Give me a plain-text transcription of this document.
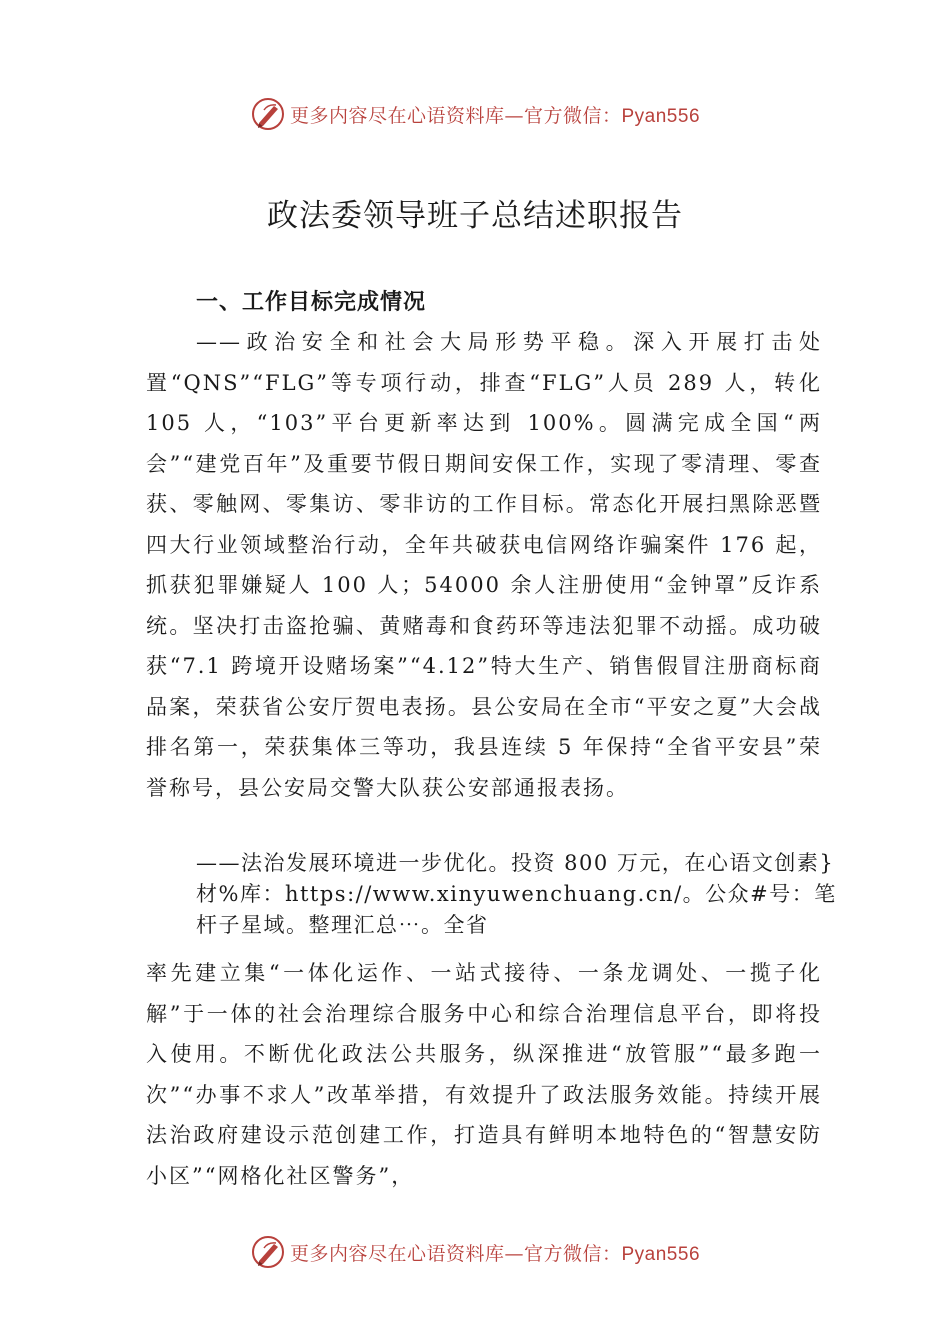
更多内容尽在心语资料库—官方微信：Pyan556
政法委领导班子总结述职报告
一、工作目标完成情况

——政治安全和社会大局形势平稳。深入开展打击处置“QNS”“FLG”等专项行动，排查“FLG”人员 289 人，转化 105 人，“103”平台更新率达到 100%。圆满完成全国“两会”“建党百年”及重要节假日期间安保工作，实现了零清理、零查获、零触网、零集访、零非访的工作目标。常态化开展扫黑除恶暨四大行业领域整治行动，全年共破获电信网络诈骗案件 176 起，抓获犯罪嫌疑人 100 人；54000 余人注册使用“金钟罩”反诈系统。坚决打击盗抢骗、黄赌毒和食药环等违法犯罪不动摇。成功破获“7.1 跨境开设赌场案”“4.12”特大生产、销售假冒注册商标商品案，荣获省公安厅贺电表扬。县公安局在全市“平安之夏”大会战排名第一，荣获集体三等功，我县连续 5 年保持“全省平安县”荣誉称号，县公安局交警大队获公安部通报表扬。

——法治发展环境进一步优化。投资 800 万元，在心语文创素}材%库：https://www.xinyuwenchuang.cn/。公众#号：笔杆子星域。整理汇总⋯。全省

率先建立集“一体化运作、一站式接待、一条龙调处、一揽子化解”于一体的社会治理综合服务中心和综合治理信息平台，即将投入使用。不断优化政法公共服务，纵深推进“放管服”“最多跑一次”“办事不求人”改革举措，有效提升了政法服务效能。持续开展法治政府建设示范创建工作，打造具有鲜明本地特色的“智慧安防小区”“网格化社区警务”，

更多内容尽在心语资料库—官方微信：Pyan556
